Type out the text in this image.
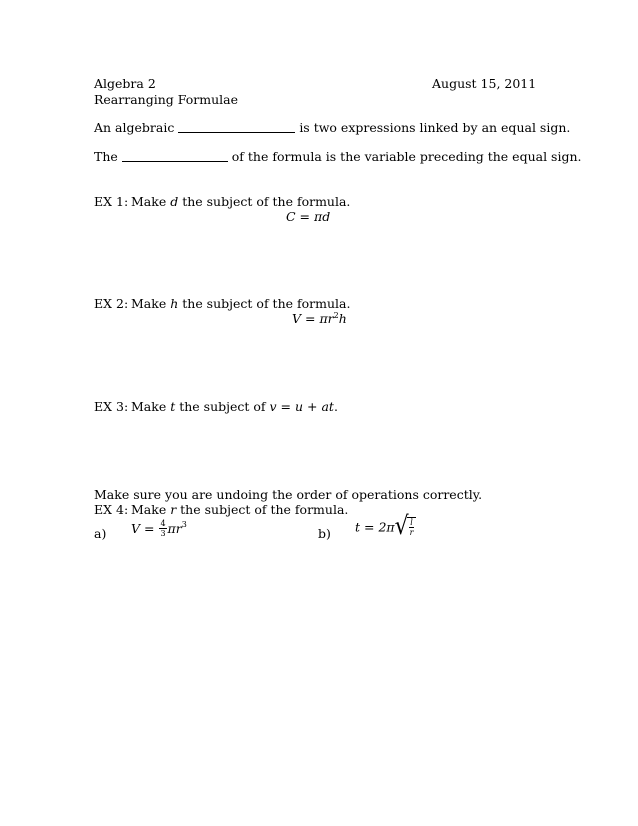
Algebra 2	August 15, 2011
Rearranging Formulae
An algebraic	is two expressions linked by an equal sign.
The	of the formula is the variable preceding the equal sign.
EX 1: Make d the subject of the formula.
C = πd
EX 2: Make h the subject of the formula.
$V = \pi r^2h$
EX 3: Make t the subject of v = u + at.
Make sure you are undoing the order of operations correctly.
EX 4: Make r the subject of the formula.
a) $V = \frac{4}{3} \pi r^3$
b) $t = 2\pi√ \frac{l}{r}$
